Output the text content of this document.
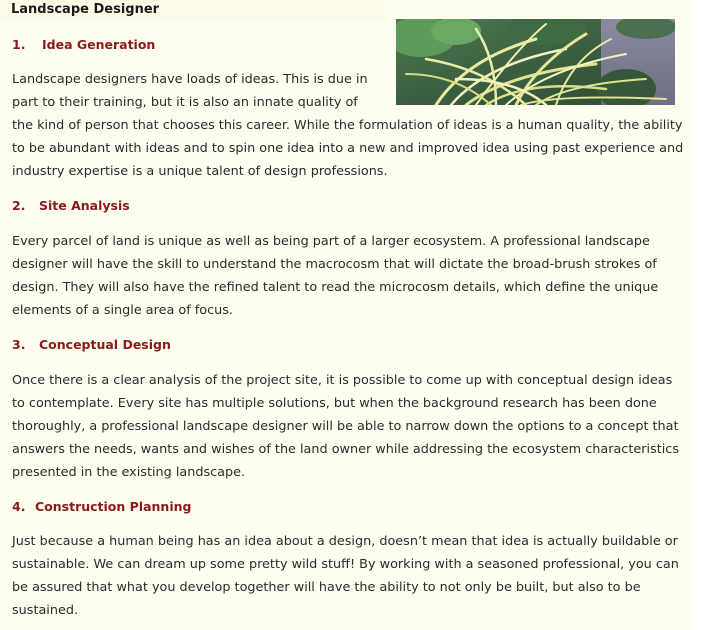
Landscape Designer
1. Idea Generation

Landscape designers have loads of ideas. This is due in part to their training, but it is also an innate quality of

the kind of person that chooses this career. While the formulation of ideas is a human quality, the ability to be abundant with ideas and to spin one idea into a new and improved idea using past experience and industry expertise is a unique talent of design professions.

2. Site Analysis

Every parcel of land is unique as well as being part of a larger ecosystem. A professional landscape designer will have the skill to understand the macrocosm that will dictate the broad-brush strokes of design. They will also have the refined talent to read the microcosm details, which define the unique elements of a single area of focus.

3. Conceptual Design

Once there is a clear analysis of the project site, it is possible to come up with conceptual design ideas to contemplate. Every site has multiple solutions, but when the background research has been done thoroughly, a professional landscape designer will be able to narrow down the options to a concept that answers the needs, wants and wishes of the land owner while addressing the ecosystem characteristics presented in the existing landscape.

4. Construction Planning

Just because a human being has an idea about a design, doesn’t mean that idea is actually buildable or sustainable. We can dream up some pretty wild stuff! By working with a seasoned professional, you can be assured that what you develop together will have the ability to not only be built, but also to be sustained.
